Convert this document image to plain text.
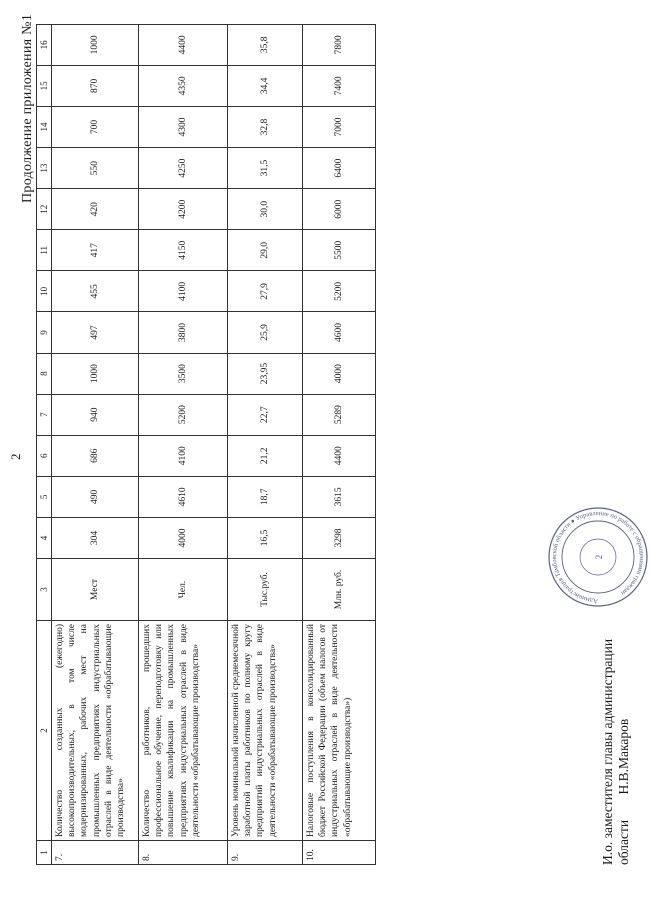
2
Продолжение приложения №1
1	2	3	4	5	6	7	8	9	10	11	12	13	14	15	16
7.	Количество созданных (ежегодно) высокопроизводительных, в том числе модернизированных, рабочих мест на промышленных предприятиях индустриальных отраслей в виде деятельности «обрабатывающие производства»	Мест	304	490	686	940	1000	497	455	417	420	550	700	870	1000
8.	Количество работников, прошедших профессиональное обучение, переподготовку или повышение квалификации на промышленных предприятиях индустриальных отраслей в виде деятельности «обрабатывающие производства»	Чел.	4000	4610	4100	5200	3500	3800	4100	4150	4200	4250	4300	4350	4400
9.	Уровень номинальной начисленной среднемесячной заработной платы работников по полному кругу предприятий индустриальных отраслей в виде деятельности «обрабатывающие производства»	Тыс.руб.	16,5	18,7	21,2	22,7	23,95	25,9	27,9	29,0	30,0	31,5	32,8	34,4	35,8
10.	Налоговые поступления в консолидированный бюджет Российской Федерации (объем налогов от индустриальных отраслей в виде деятельности «обрабатывающие производства»)	Млн. руб.	3298	3615	4400	5289	4000	4600	5200	5500	6000	6400	7000	7400	7800
И.о. заместителя главы администрации области Н.В.Макаров
Администрация Тамбовской области ● Управление по работе с обращениями граждан
2
